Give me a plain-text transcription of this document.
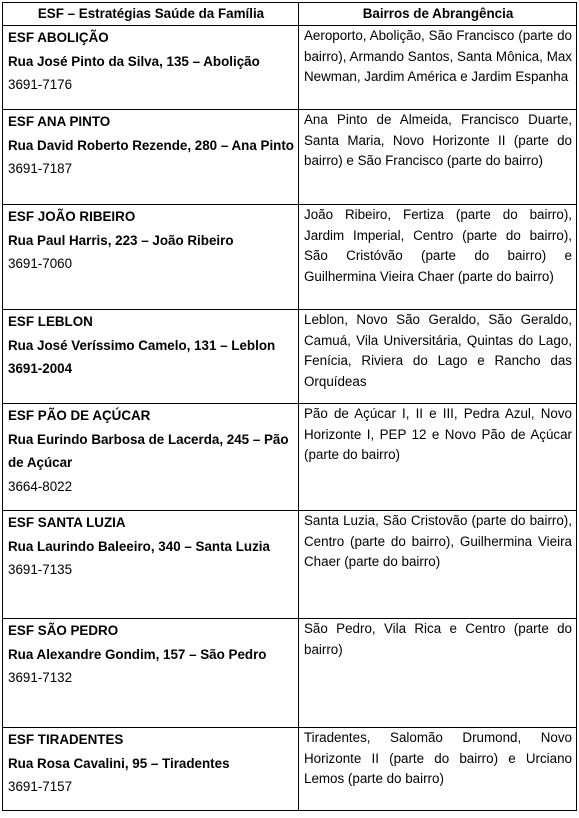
ESF – Estratégias Saúde da Família	Bairros de Abrangência

ESF ABOLIÇÃO
Rua José Pinto da Silva, 135 – Abolição
3691-7176	Aeroporto, Abolição, São Francisco (parte do bairro), Armando Santos, Santa Mônica, Max Newman, Jardim América e Jardim Espanha

ESF ANA PINTO
Rua David Roberto Rezende, 280 – Ana Pinto
3691-7187	Ana Pinto de Almeida, Francisco Duarte, Santa Maria, Novo Horizonte II (parte do bairro) e São Francisco (parte do bairro)

ESF JOÃO RIBEIRO
Rua Paul Harris, 223 – João Ribeiro
3691-7060	João Ribeiro, Fertiza (parte do bairro), Jardim Imperial, Centro (parte do bairro), São Cristóvão (parte do bairro) e Guilhermina Vieira Chaer (parte do bairro)

ESF LEBLON
Rua José Veríssimo Camelo, 131 – Leblon
3691-2004	Leblon, Novo São Geraldo, São Geraldo, Camuá, Vila Universitária, Quintas do Lago, Fenícia, Riviera do Lago e Rancho das Orquídeas

ESF PÃO DE AÇÚCAR
Rua Eurindo Barbosa de Lacerda, 245 – Pão de Açúcar
3664-8022	Pão de Açúcar I, II e III, Pedra Azul, Novo Horizonte I, PEP 12 e Novo Pão de Açúcar (parte do bairro)

ESF SANTA LUZIA
Rua Laurindo Baleeiro, 340 – Santa Luzia
3691-7135	Santa Luzia, São Cristovão (parte do bairro), Centro (parte do bairro), Guilhermina Vieira Chaer (parte do bairro)

ESF SÃO PEDRO
Rua Alexandre Gondim, 157 – São Pedro
3691-7132	São Pedro, Vila Rica e Centro (parte do bairro)

ESF TIRADENTES
Rua Rosa Cavalini, 95 – Tiradentes
3691-7157	Tiradentes, Salomão Drumond, Novo Horizonte II (parte do bairro) e Urciano Lemos (parte do bairro)
